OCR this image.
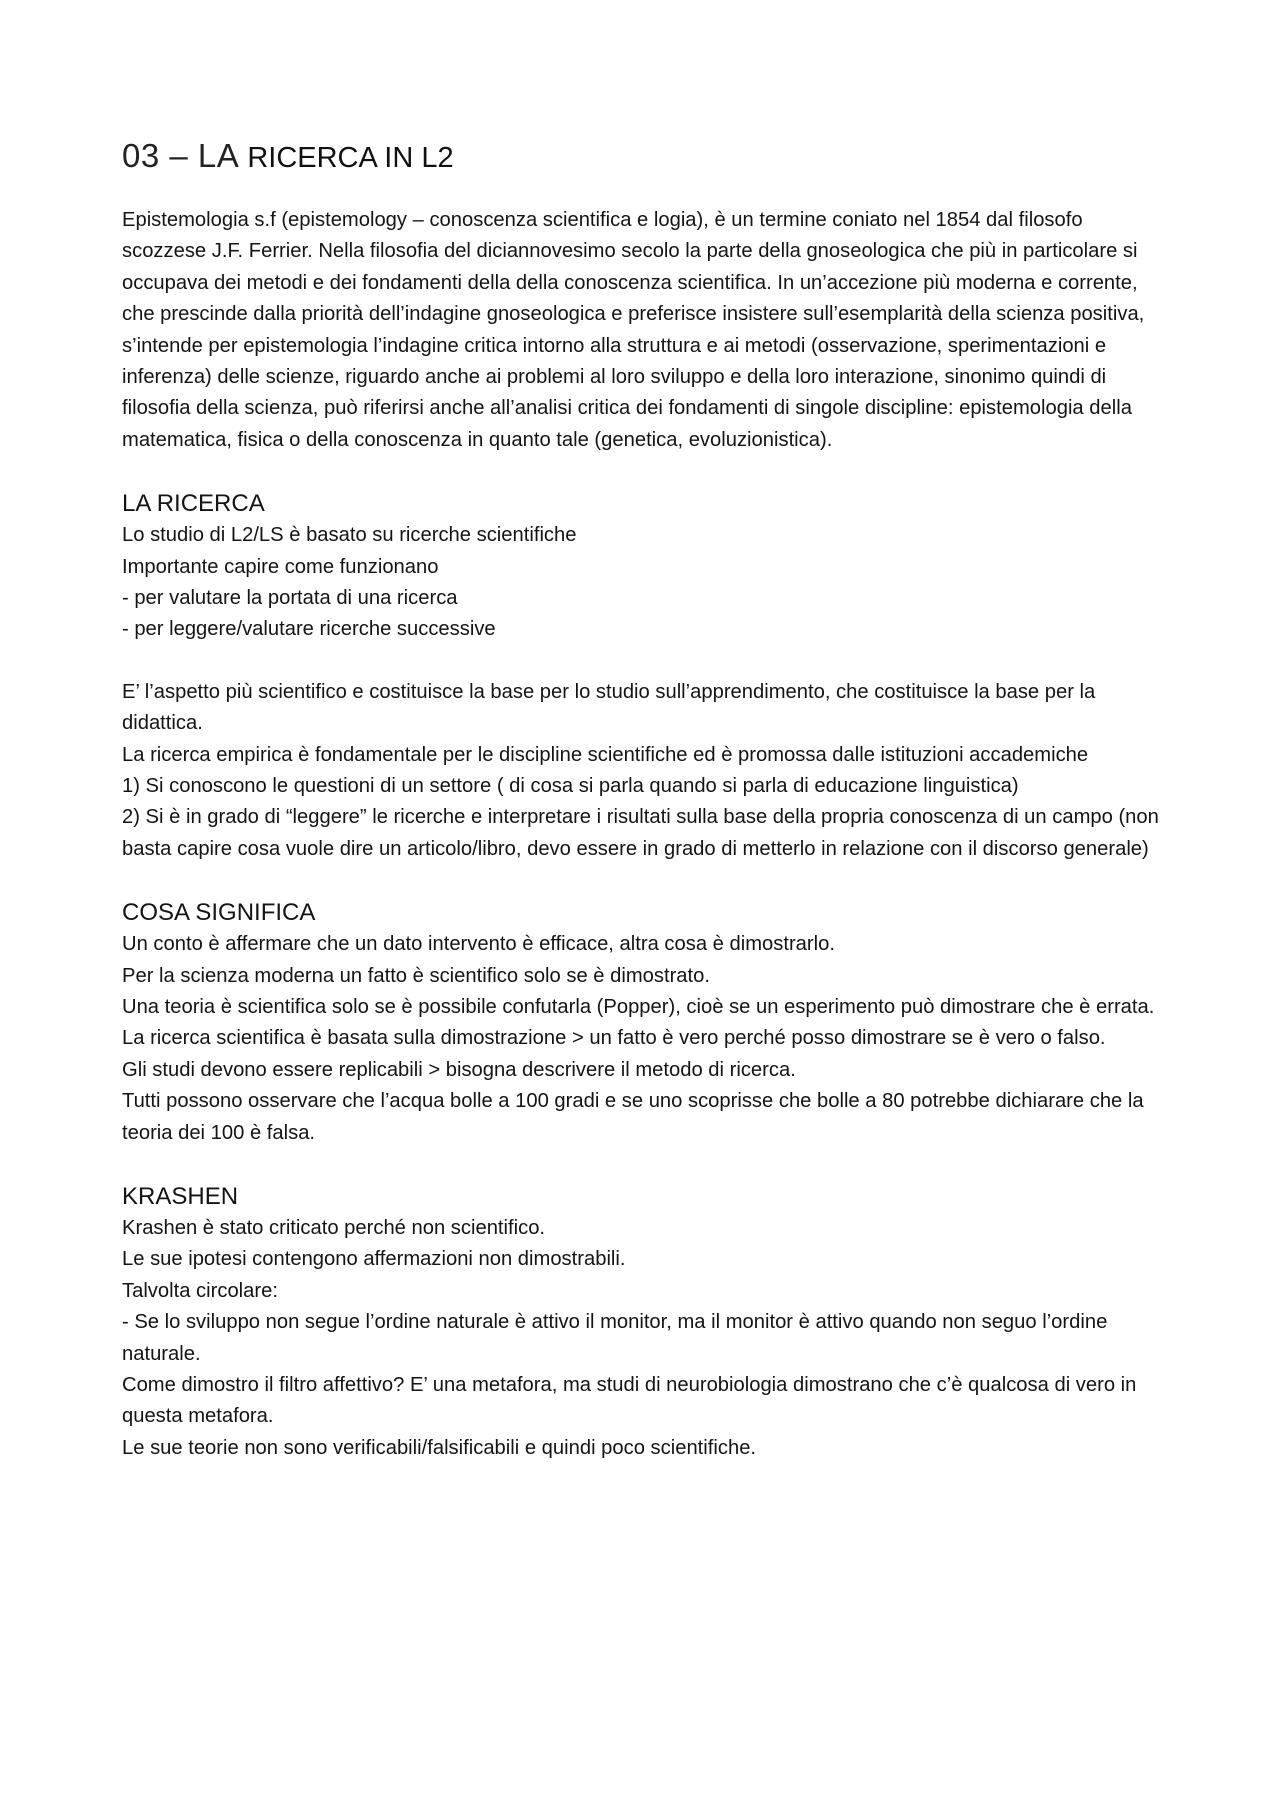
03 – LA RICERCA IN L2

Epistemologia s.f (epistemology – conoscenza scientifica e logia), è un termine coniato nel 1854 dal filosofo scozzese J.F. Ferrier. Nella filosofia del diciannovesimo secolo la parte della gnoseologica che più in particolare si occupava dei metodi e dei fondamenti della della conoscenza scientifica. In un’accezione più moderna e corrente, che prescinde dalla priorità dell’indagine gnoseologica e preferisce insistere sull’esemplarità della scienza positiva, s’intende per epistemologia l’indagine critica intorno alla struttura e ai metodi (osservazione, sperimentazioni e inferenza) delle scienze, riguardo anche ai problemi al loro sviluppo e della loro interazione, sinonimo quindi di filosofia della scienza, può riferirsi anche all’analisi critica dei fondamenti di singole discipline: epistemologia della matematica, fisica o della conoscenza in quanto tale (genetica, evoluzionistica).

LA RICERCA

Lo studio di L2/LS è basato su ricerche scientifiche

Importante capire come funzionano

- per valutare la portata di una ricerca

- per leggere/valutare ricerche successive

E’ l’aspetto più scientifico e costituisce la base per lo studio sull’apprendimento, che costituisce la base per la didattica.

La ricerca empirica è fondamentale per le discipline scientifiche ed è promossa dalle istituzioni accademiche

1) Si conoscono le questioni di un settore ( di cosa si parla quando si parla di educazione linguistica)

2) Si è in grado di “leggere” le ricerche e interpretare i risultati sulla base della propria conoscenza di un campo (non basta capire cosa vuole dire un articolo/libro, devo essere in grado di metterlo in relazione con il discorso generale)

COSA SIGNIFICA

Un conto è affermare che un dato intervento è efficace, altra cosa è dimostrarlo.

Per la scienza moderna un fatto è scientifico solo se è dimostrato.

Una teoria è scientifica solo se è possibile confutarla (Popper), cioè se un esperimento può dimostrare che è errata.

La ricerca scientifica è basata sulla dimostrazione > un fatto è vero perché posso dimostrare se è vero o falso.

Gli studi devono essere replicabili > bisogna descrivere il metodo di ricerca.

Tutti possono osservare che l’acqua bolle a 100 gradi e se uno scoprisse che bolle a 80 potrebbe dichiarare che la teoria dei 100 è falsa.

KRASHEN

Krashen è stato criticato perché non scientifico.

Le sue ipotesi contengono affermazioni non dimostrabili.

Talvolta circolare:

- Se lo sviluppo non segue l’ordine naturale è attivo il monitor, ma il monitor è attivo quando non seguo l’ordine naturale.

Come dimostro il filtro affettivo? E’ una metafora, ma studi di neurobiologia dimostrano che c’è qualcosa di vero in questa metafora.

Le sue teorie non sono verificabili/falsificabili e quindi poco scientifiche.
